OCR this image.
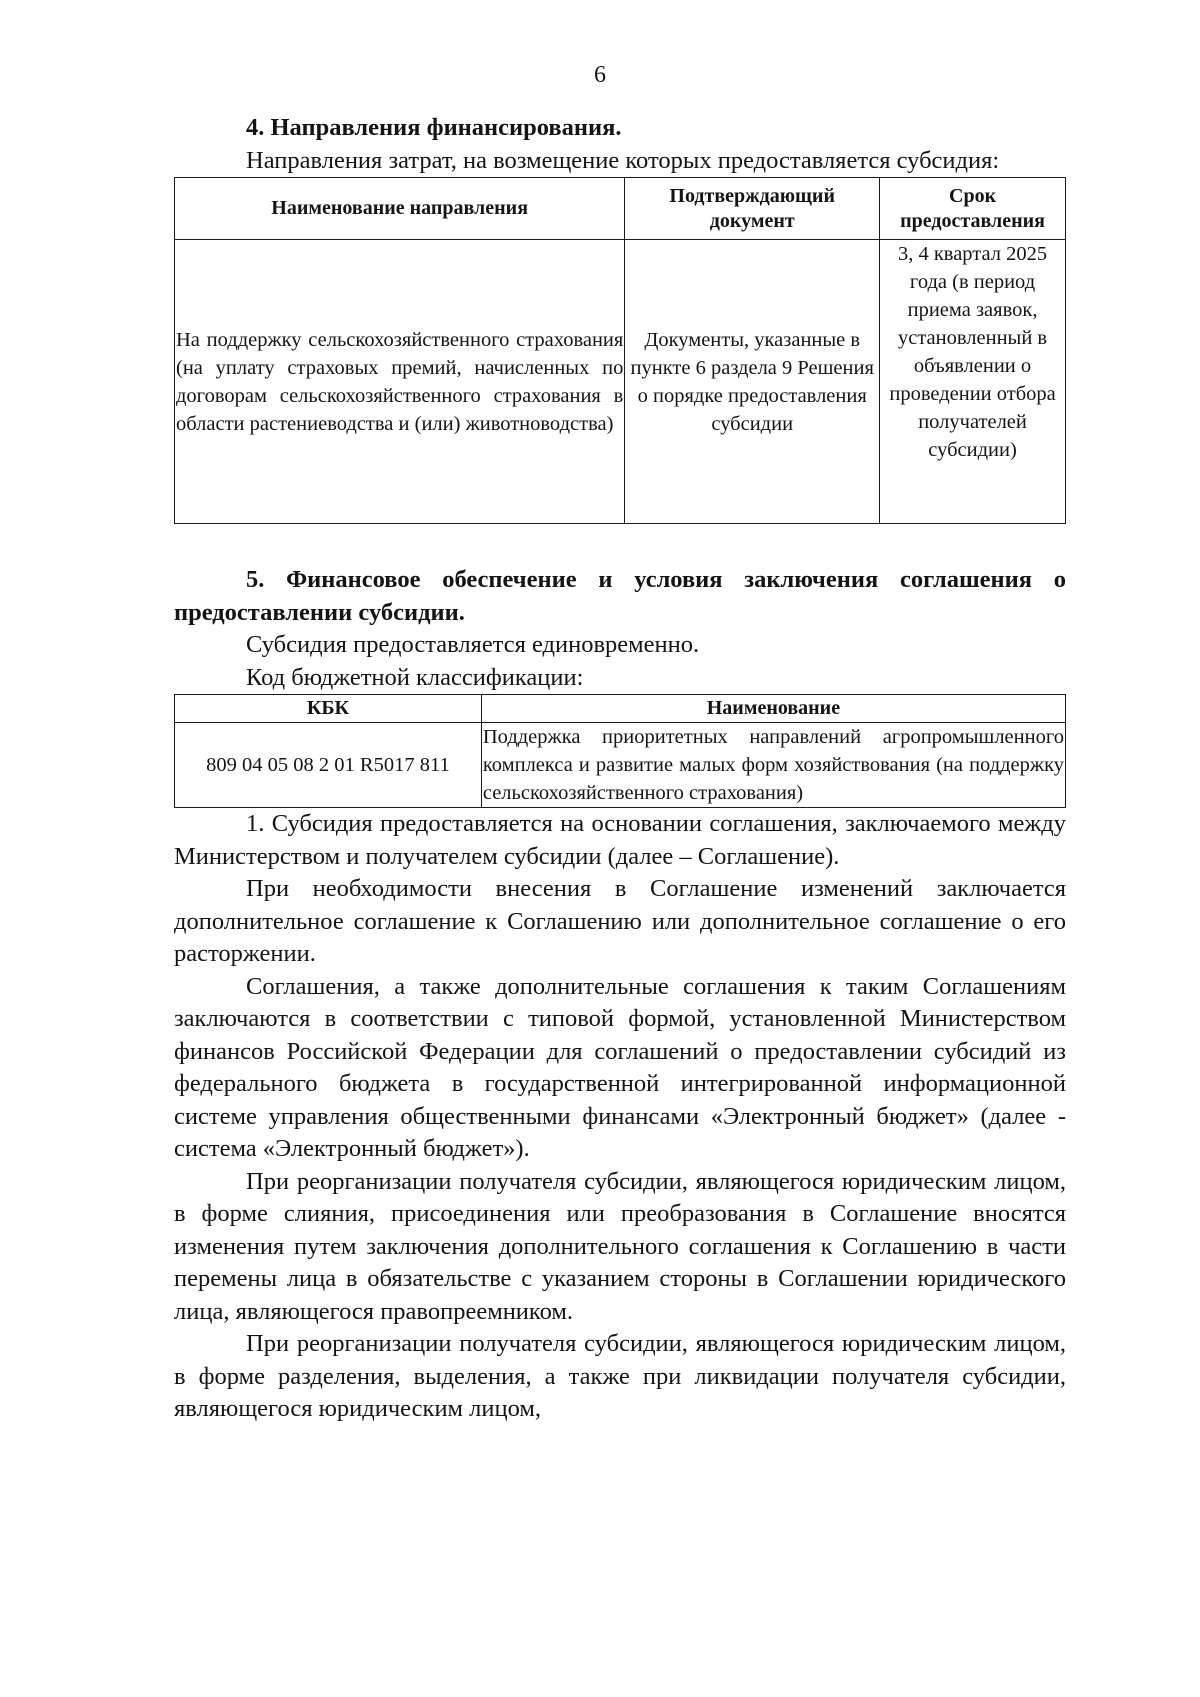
6

4. Направления финансирования.

Направления затрат, на возмещение которых предоставляется субсидия:

Наименование направления	Подтверждающий документ	Срок предоставления
На поддержку сельскохозяйственного страхования (на уплату страховых премий, начисленных по договорам сельскохозяйственного страхования в области растениеводства и (или) животноводства)	Документы, указанные в пункте 6 раздела 9 Решения о порядке предоставления субсидии	3, 4 квартал 2025 года (в период приема заявок, установленный в объявлении о проведении отбора получателей субсидии)

5. Финансовое обеспечение и условия заключения соглашения о предоставлении субсидии.

Субсидия предоставляется единовременно.

Код бюджетной классификации:

КБК	Наименование
809 04 05 08 2 01 R5017 811	Поддержка приоритетных направлений агропромышленного комплекса и развитие малых форм хозяйствования (на поддержку сельскохозяйственного страхования)

1. Субсидия предоставляется на основании соглашения, заключаемого между Министерством и получателем субсидии (далее – Соглашение).

При необходимости внесения в Соглашение изменений заключается дополнительное соглашение к Соглашению или дополнительное соглашение о его расторжении.

Соглашения, а также дополнительные соглашения к таким Соглашениям заключаются в соответствии с типовой формой, установленной Министерством финансов Российской Федерации для соглашений о предоставлении субсидий из федерального бюджета в государственной интегрированной информационной системе управления общественными финансами «Электронный бюджет» (далее - система «Электронный бюджет»).

При реорганизации получателя субсидии, являющегося юридическим лицом, в форме слияния, присоединения или преобразования в Соглашение вносятся изменения путем заключения дополнительного соглашения к Соглашению в части перемены лица в обязательстве с указанием стороны в Соглашении юридического лица, являющегося правопреемником.

При реорганизации получателя субсидии, являющегося юридическим лицом, в форме разделения, выделения, а также при ликвидации получателя субсидии, являющегося юридическим лицом,
